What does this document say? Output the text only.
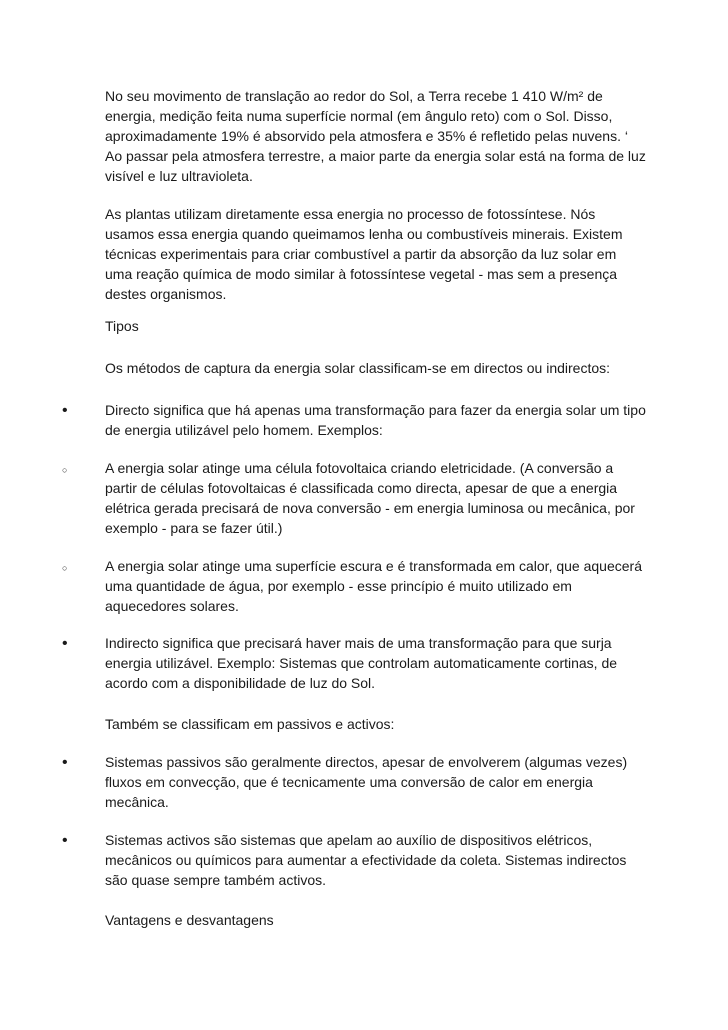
No seu movimento de translação ao redor do Sol, a Terra recebe 1 410 W/m² de
energia, medição feita numa superfície normal (em ângulo reto) com o Sol. Disso,
aproximadamente 19% é absorvido pela atmosfera e 35% é refletido pelas nuvens. ‘
Ao passar pela atmosfera terrestre, a maior parte da energia solar está na forma de luz
visível e luz ultravioleta.
As plantas utilizam diretamente essa energia no processo de fotossíntese. Nós
usamos essa energia quando queimamos lenha ou combustíveis minerais. Existem
técnicas experimentais para criar combustível a partir da absorção da luz solar em
uma reação química de modo similar à fotossíntese vegetal - mas sem a presença
destes organismos.
Tipos
Os métodos de captura da energia solar classificam-se em directos ou indirectos:
•
Directo significa que há apenas uma transformação para fazer da energia solar um tipo
de energia utilizável pelo homem. Exemplos:
○
A energia solar atinge uma célula fotovoltaica criando eletricidade. (A conversão a
partir de células fotovoltaicas é classificada como directa, apesar de que a energia
elétrica gerada precisará de nova conversão - em energia luminosa ou mecânica, por
exemplo - para se fazer útil.)
○
A energia solar atinge uma superfície escura e é transformada em calor, que aquecerá
uma quantidade de água, por exemplo - esse princípio é muito utilizado em
aquecedores solares.
•
Indirecto significa que precisará haver mais de uma transformação para que surja
energia utilizável. Exemplo: Sistemas que controlam automaticamente cortinas, de
acordo com a disponibilidade de luz do Sol.
Também se classificam em passivos e activos:
•
Sistemas passivos são geralmente directos, apesar de envolverem (algumas vezes)
fluxos em convecção, que é tecnicamente uma conversão de calor em energia
mecânica.
•
Sistemas activos são sistemas que apelam ao auxílio de dispositivos elétricos,
mecânicos ou químicos para aumentar a efectividade da coleta. Sistemas indirectos
são quase sempre também activos.
Vantagens e desvantagens
